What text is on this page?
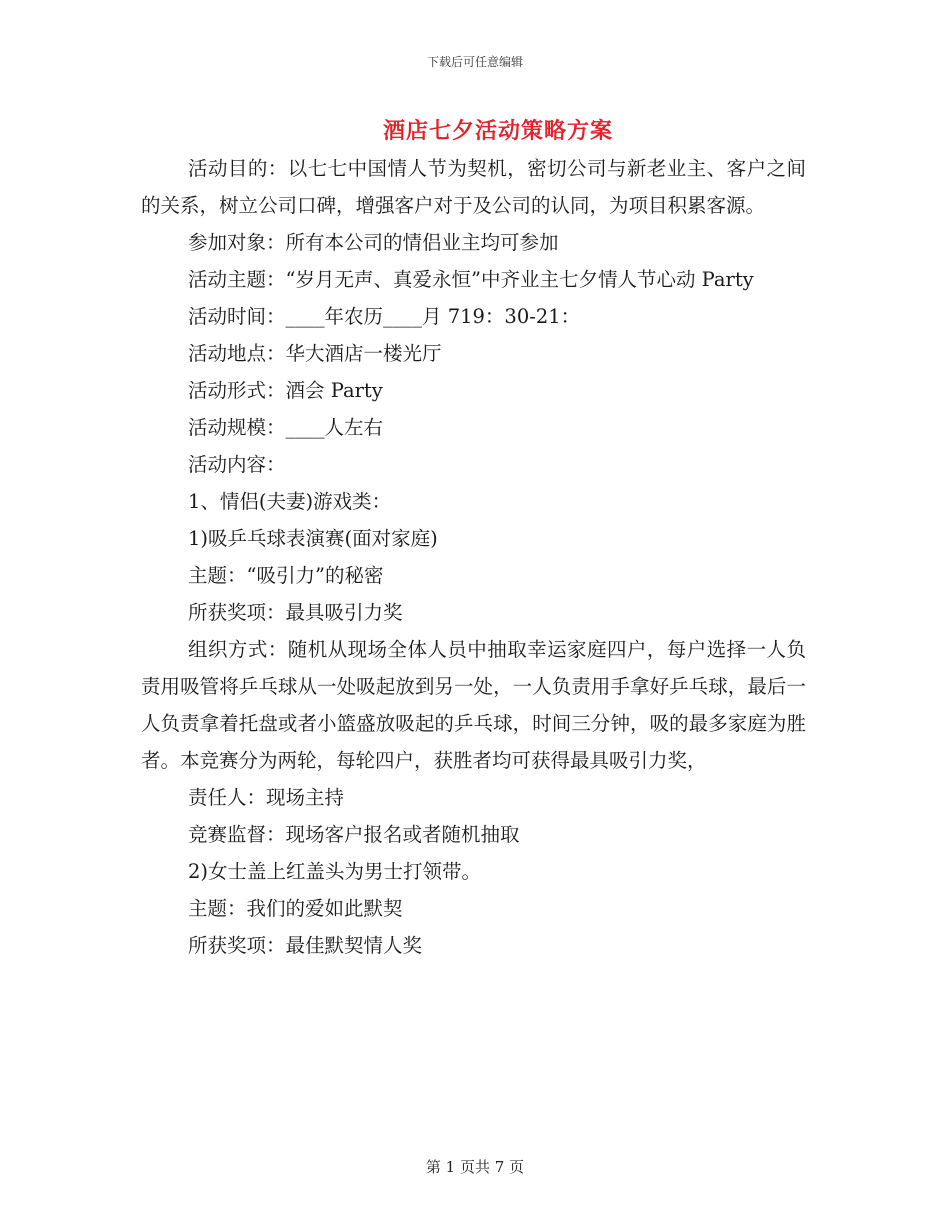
下载后可任意编辑
酒店七夕活动策略方案

活动目的：以七七中国情人节为契机，密切公司与新老业主、客户之间的关系，树立公司口碑，增强客户对于及公司的认同，为项目积累客源。

参加对象：所有本公司的情侣业主均可参加

活动主题：“岁月无声、真爱永恒”中齐业主七夕情人节心动 Party

活动时间：____年农历____月 719：30-21：

活动地点：华大酒店一楼光厅

活动形式：酒会 Party

活动规模：____人左右

活动内容：

1、情侣(夫妻)游戏类：

1)吸乒乓球表演赛(面对家庭)

主题：“吸引力”的秘密

所获奖项：最具吸引力奖

组织方式：随机从现场全体人员中抽取幸运家庭四户，每户选择一人负责用吸管将乒乓球从一处吸起放到另一处，一人负责用手拿好乒乓球，最后一人负责拿着托盘或者小篮盛放吸起的乒乓球，时间三分钟，吸的最多家庭为胜者。本竞赛分为两轮，每轮四户，获胜者均可获得最具吸引力奖，

责任人：现场主持

竞赛监督：现场客户报名或者随机抽取

2)女士盖上红盖头为男士打领带。

主题：我们的爱如此默契

所获奖项：最佳默契情人奖

第 1 页共 7 页
